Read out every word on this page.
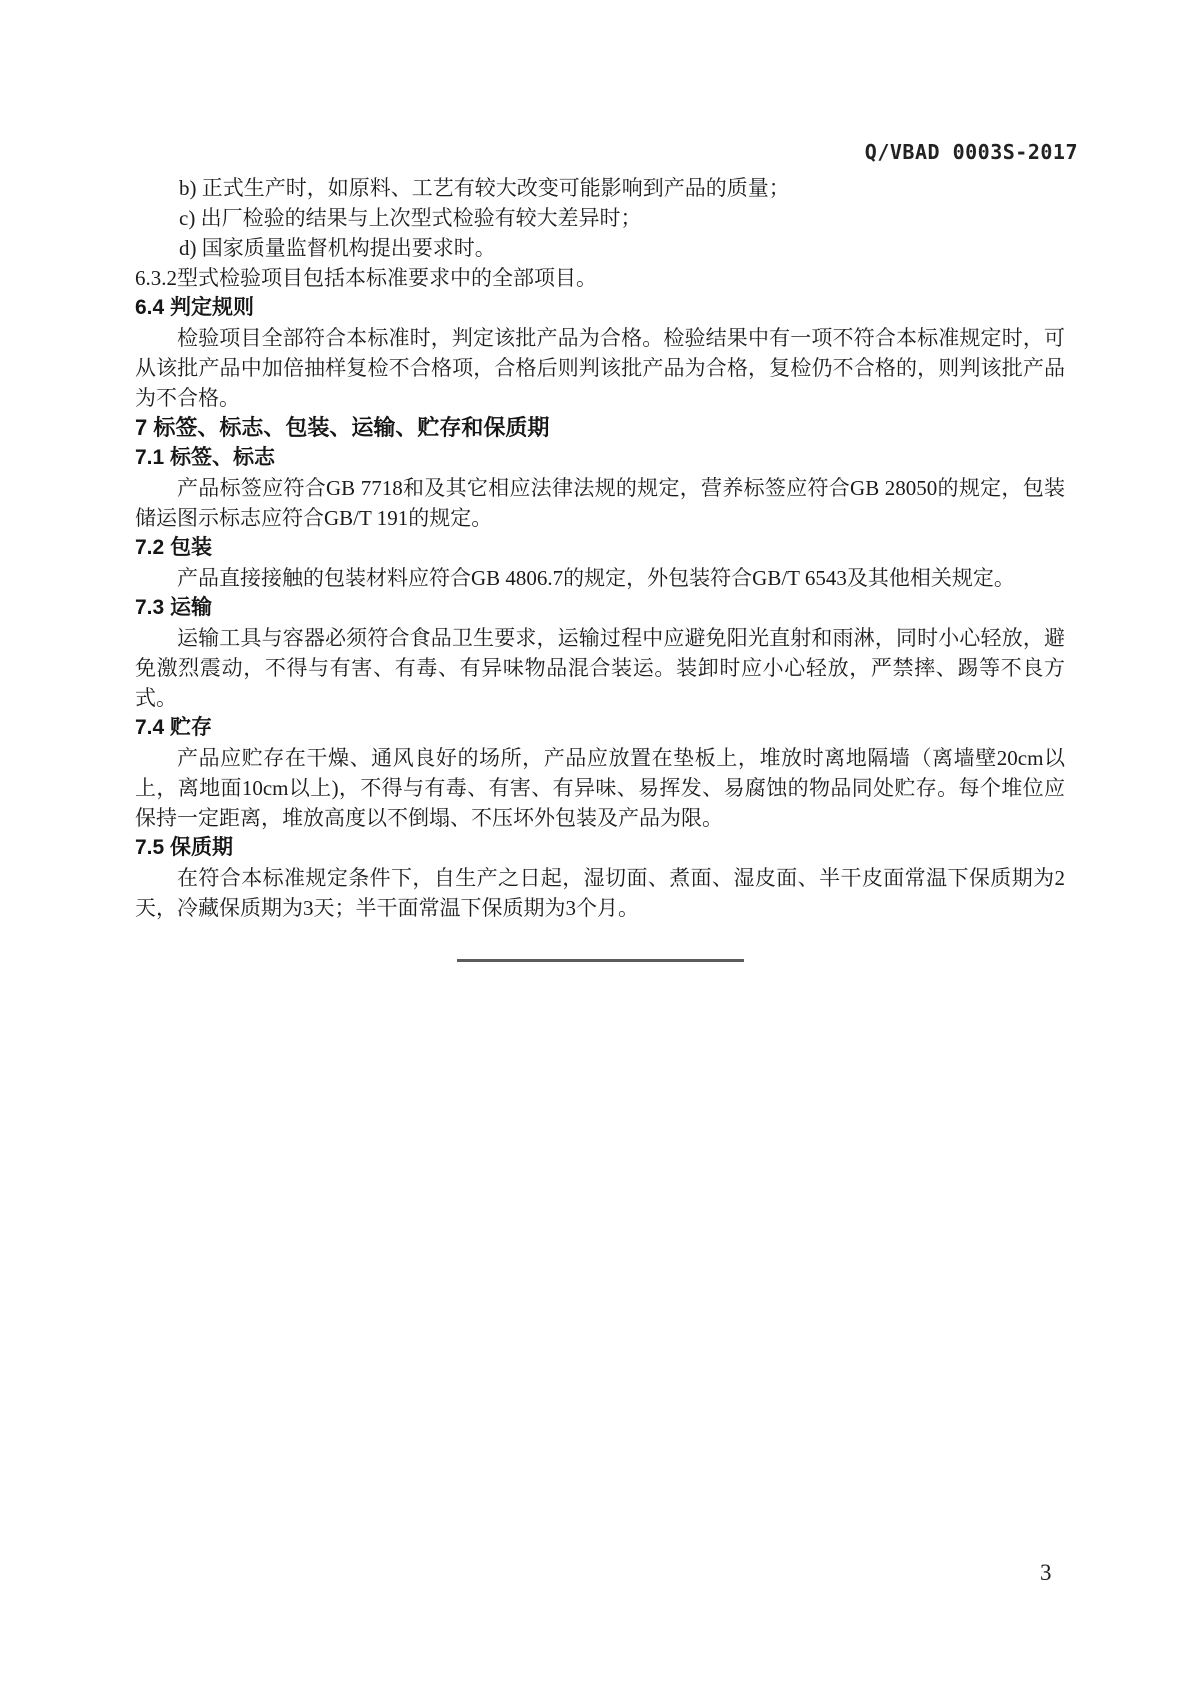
Q/VBAD 0003S-2017

b) 正式生产时，如原料、工艺有较大改变可能影响到产品的质量；

c) 出厂检验的结果与上次型式检验有较大差异时；

d) 国家质量监督机构提出要求时。

6.3.2型式检验项目包括本标准要求中的全部项目。

6.4 判定规则

检验项目全部符合本标准时，判定该批产品为合格。检验结果中有一项不符合本标准规定时，可从该批产品中加倍抽样复检不合格项，合格后则判该批产品为合格，复检仍不合格的，则判该批产品为不合格。

7 标签、标志、包装、运输、贮存和保质期

7.1 标签、标志

产品标签应符合GB 7718和及其它相应法律法规的规定，营养标签应符合GB 28050的规定，包装储运图示标志应符合GB/T 191的规定。

7.2 包装

产品直接接触的包装材料应符合GB 4806.7的规定，外包装符合GB/T 6543及其他相关规定。

7.3 运输

运输工具与容器必须符合食品卫生要求，运输过程中应避免阳光直射和雨淋，同时小心轻放，避免激烈震动，不得与有害、有毒、有异味物品混合装运。装卸时应小心轻放，严禁摔、踢等不良方式。

7.4 贮存

产品应贮存在干燥、通风良好的场所，产品应放置在垫板上，堆放时离地隔墙（离墙壁20cm以上，离地面10cm以上)，不得与有毒、有害、有异味、易挥发、易腐蚀的物品同处贮存。每个堆位应保持一定距离，堆放高度以不倒塌、不压坏外包装及产品为限。

7.5 保质期

在符合本标准规定条件下，自生产之日起，湿切面、煮面、湿皮面、半干皮面常温下保质期为2天，冷藏保质期为3天；半干面常温下保质期为3个月。

3
